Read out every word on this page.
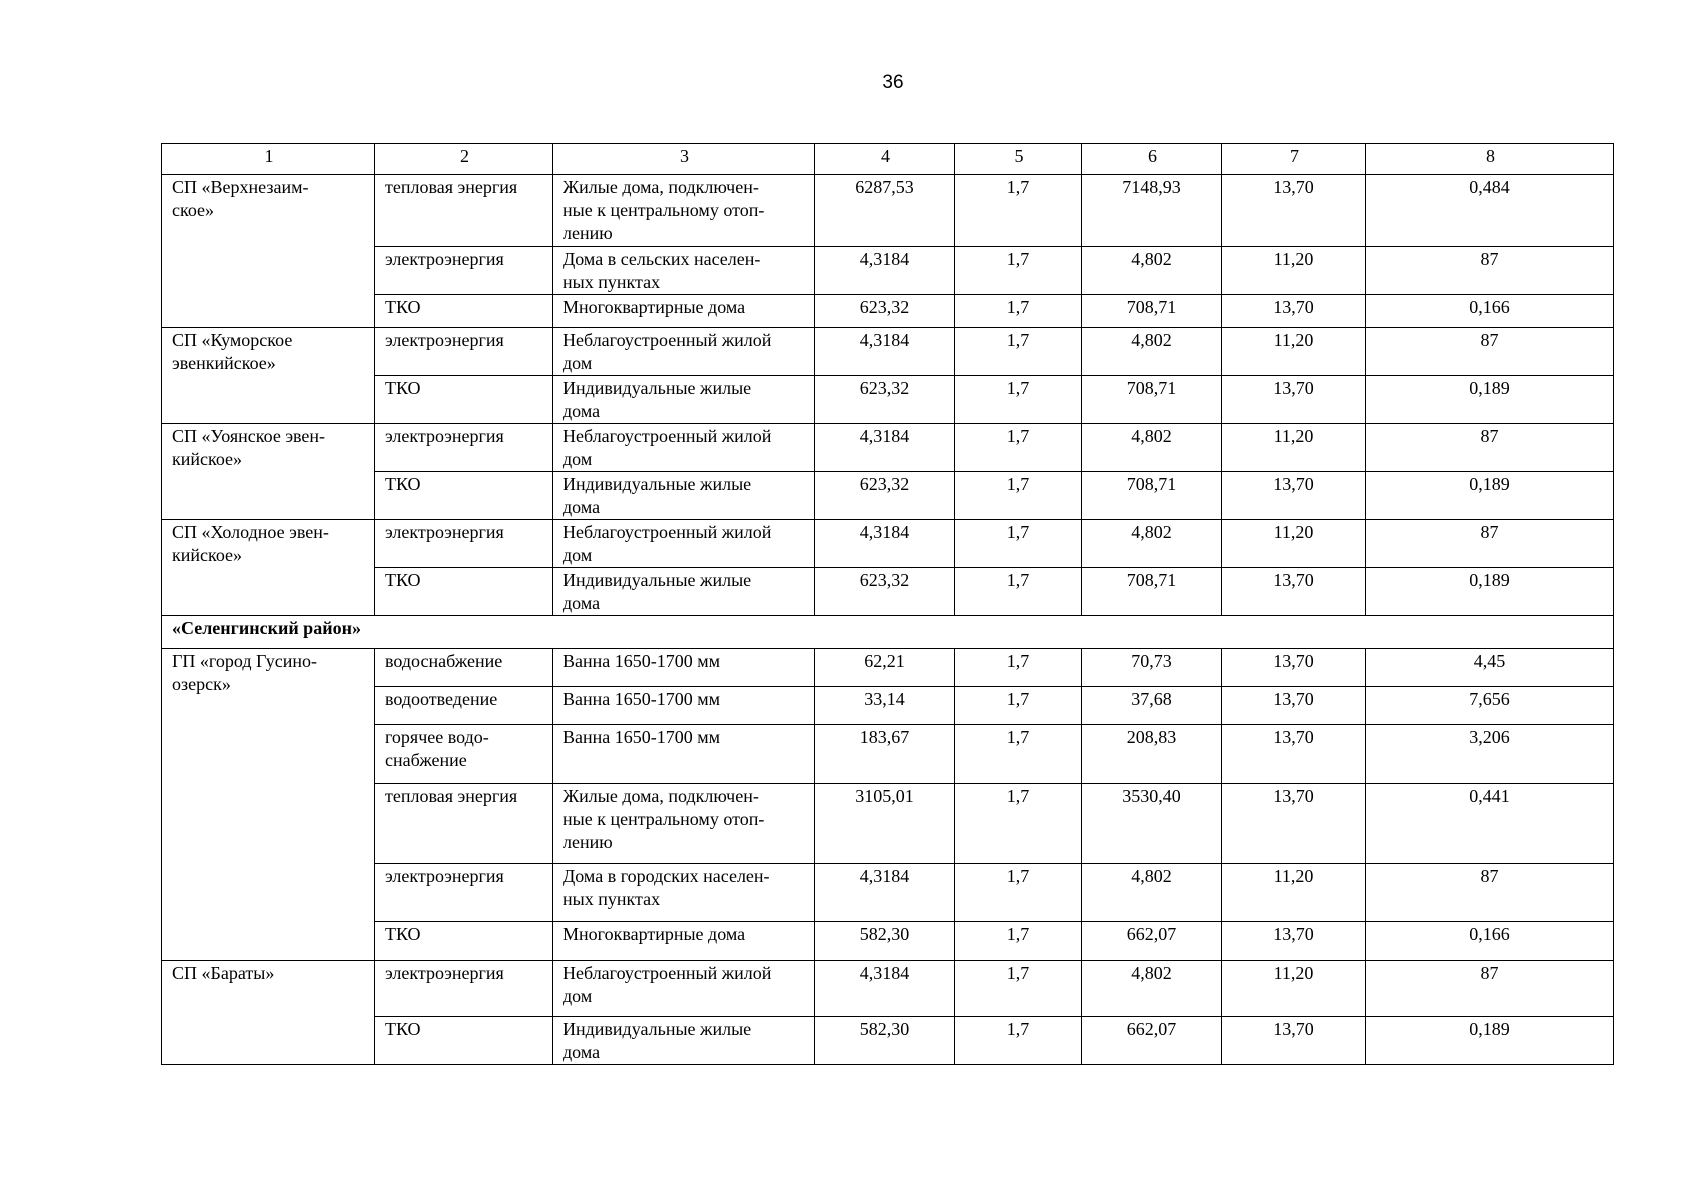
36
1	2	3	4	5	6	7	8
СП «Верхнезаим-
ское»	тепловая энергия	Жилые дома, подключен-
ные к центральному отоп-
лению	6287,53	1,7	7148,93	13,70	0,484
	электроэнергия	Дома в сельских населен-
ных пунктах	4,3184	1,7	4,802	11,20	87
	ТКО	Многоквартирные дома	623,32	1,7	708,71	13,70	0,166
СП «Куморское
эвенкийское»	электроэнергия	Неблагоустроенный жилой
дом	4,3184	1,7	4,802	11,20	87
	ТКО	Индивидуальные жилые
дома	623,32	1,7	708,71	13,70	0,189
СП «Уоянское эвен-
кийское»	электроэнергия	Неблагоустроенный жилой
дом	4,3184	1,7	4,802	11,20	87
	ТКО	Индивидуальные жилые
дома	623,32	1,7	708,71	13,70	0,189
СП «Холодное эвен-
кийское»	электроэнергия	Неблагоустроенный жилой
дом	4,3184	1,7	4,802	11,20	87
	ТКО	Индивидуальные жилые
дома	623,32	1,7	708,71	13,70	0,189
«Селенгинский район»							
ГП «город Гусино-
озерск»	водоснабжение	Ванна 1650-1700 мм	62,21	1,7	70,73	13,70	4,45
	водоотведение	Ванна 1650-1700 мм	33,14	1,7	37,68	13,70	7,656
	горячее водо-
снабжение	Ванна 1650-1700 мм	183,67	1,7	208,83	13,70	3,206
	тепловая энергия	Жилые дома, подключен-
ные к центральному отоп-
лению	3105,01	1,7	3530,40	13,70	0,441
	электроэнергия	Дома в городских населен-
ных пунктах	4,3184	1,7	4,802	11,20	87
	ТКО	Многоквартирные дома	582,30	1,7	662,07	13,70	0,166
СП «Бараты»	электроэнергия	Неблагоустроенный жилой
дом	4,3184	1,7	4,802	11,20	87
	ТКО	Индивидуальные жилые
дома	582,30	1,7	662,07	13,70	0,189
